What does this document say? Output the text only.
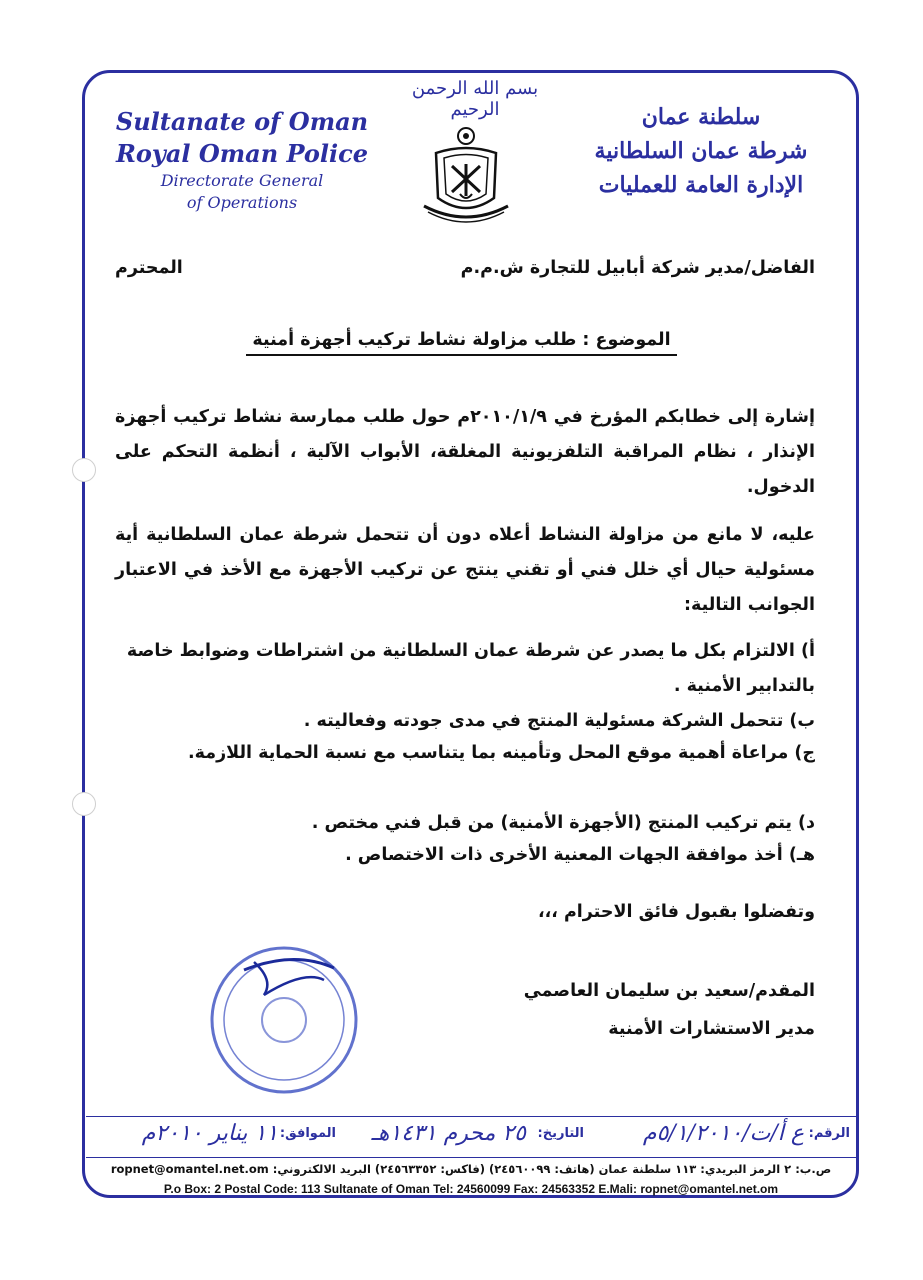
بسم الله الرحمن الرحيم
Sultanate of Oman
Royal Oman Police
Directorate General
of Operations
سلطنة عمان
شرطة عمان السلطانية
الإدارة العامة للعمليات
الفاضل/مدير شركة أبابيل للتجارة ش.م.م
المحترم
الموضوع : طلب مزاولة نشاط تركيب أجهزة أمنية
إشارة إلى خطابكم المؤرخ في ٢٠١٠/١/٩م حول طلب ممارسة نشاط تركيب أجهزة الإنذار ، نظام المراقبة التلفزيونية المغلقة، الأبواب الآلية ، أنظمة التحكم على الدخول.
عليه، لا مانع من مزاولة النشاط أعلاه دون أن تتحمل شرطة عمان السلطانية أية مسئولية حيال أي خلل فني أو تقني ينتج عن تركيب الأجهزة مع الأخذ في الاعتبار الجوانب التالية:
أ) الالتزام بكل ما يصدر عن شرطة عمان السلطانية من اشتراطات وضوابط خاصة بالتدابير الأمنية .
ب) تتحمل الشركة مسئولية المنتج في مدى جودته وفعاليته .
ج) مراعاة أهمية موقع المحل وتأمينه بما يتناسب مع نسبة الحماية اللازمة.
د) يتم تركيب المنتج (الأجهزة الأمنية) من قبل فني مختص .
هـ) أخذ موافقة الجهات المعنية الأخرى ذات الاختصاص .
وتفضلوا بقبول فائق الاحترام ،،،
المقدم/سعيد بن سليمان العاصمي
مدير الاستشارات الأمنية
الرقم:
ع أ/ت/٥/١/٢٠١٠م
التاريخ:
٢٥ محرم ١٤٣١هـ
الموافق:
١١ يناير ٢٠١٠م
ص.ب: ٢ الرمز البريدي: ١١٣ سلطنة عمان (هاتف: ٢٤٥٦٠٠٩٩) (فاكس: ٢٤٥٦٣٣٥٢) البريد الالكتروني: ropnet@omantel.net.om
P.o Box: 2 Postal Code: 113 Sultanate of Oman Tel: 24560099 Fax: 24563352 E.Mali: ropnet@omantel.net.om
